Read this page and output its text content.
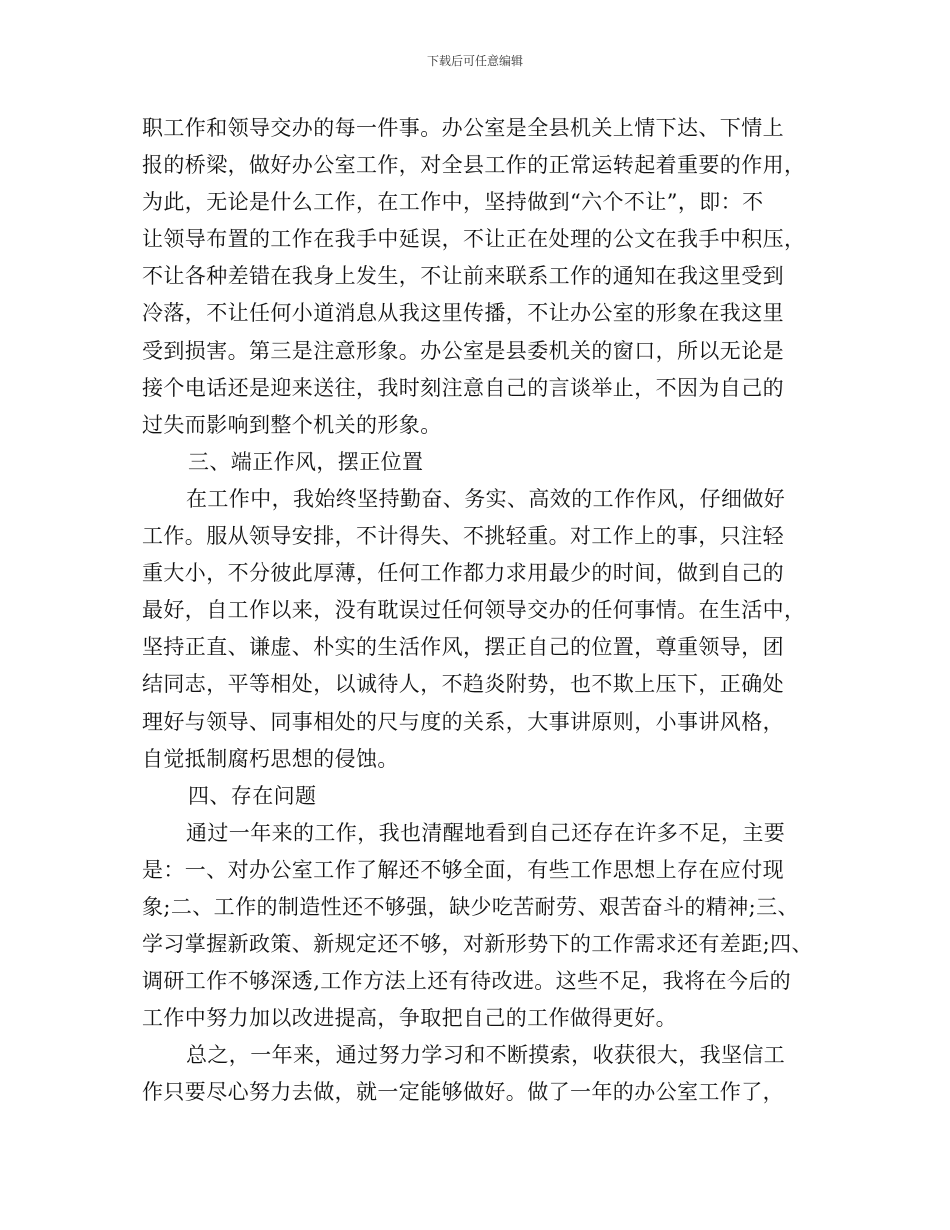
下载后可任意编辑
职工作和领导交办的每一件事。办公室是全县机关上情下达、下情上
报的桥梁，做好办公室工作，对全县工作的正常运转起着重要的作用，
为此，无论是什么工作，在工作中，坚持做到“六个不让”，即：不
让领导布置的工作在我手中延误，不让正在处理的公文在我手中积压，
不让各种差错在我身上发生，不让前来联系工作的通知在我这里受到
冷落，不让任何小道消息从我这里传播，不让办公室的形象在我这里
受到损害。第三是注意形象。办公室是县委机关的窗口，所以无论是
接个电话还是迎来送往，我时刻注意自己的言谈举止，不因为自己的
过失而影响到整个机关的形象。
三、端正作风，摆正位置
在工作中，我始终坚持勤奋、务实、高效的工作作风，仔细做好
工作。服从领导安排，不计得失、不挑轻重。对工作上的事，只注轻
重大小，不分彼此厚薄，任何工作都力求用最少的时间，做到自己的
最好，自工作以来，没有耽误过任何领导交办的任何事情。在生活中，
坚持正直、谦虚、朴实的生活作风，摆正自己的位置，尊重领导，团
结同志，平等相处，以诚待人，不趋炎附势，也不欺上压下，正确处
理好与领导、同事相处的尺与度的关系，大事讲原则，小事讲风格，
自觉抵制腐朽思想的侵蚀。
四、存在问题
通过一年来的工作，我也清醒地看到自己还存在许多不足，主要
是：一、对办公室工作了解还不够全面，有些工作思想上存在应付现
象;二、工作的制造性还不够强，缺少吃苦耐劳、艰苦奋斗的精神;三、
学习掌握新政策、新规定还不够，对新形势下的工作需求还有差距;四、
调研工作不够深透,工作方法上还有待改进。这些不足，我将在今后的
工作中努力加以改进提高，争取把自己的工作做得更好。
总之，一年来，通过努力学习和不断摸索，收获很大，我坚信工
作只要尽心努力去做，就一定能够做好。做了一年的办公室工作了，
